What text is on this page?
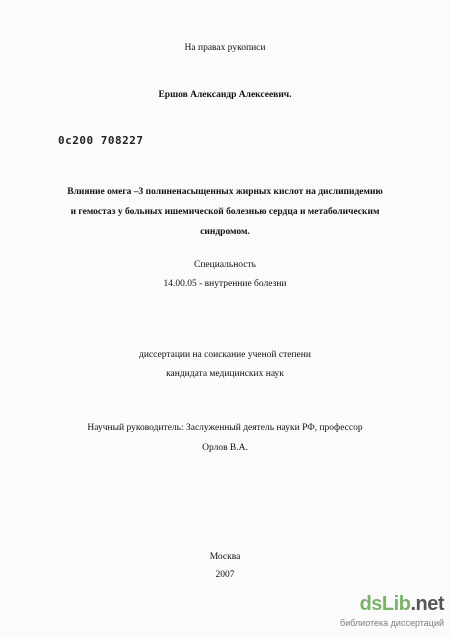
На правах рукописи
Ершов Александр Алексеевич.
0с200 708227
Влияние омега –3 полиненасыщенных жирных кислот на дислипидемию
и гемостаз у больных ишемической болезнью сердца и метаболическим
синдромом.
Специальность
14.00.05 - внутренние болезни
диссертации на соискание ученой степени
кандидата медицинских наук
Научный руководитель: Заслуженный деятель науки РФ, профессор
Орлов В.А.
Москва
2007
dsLib.net
библиотека диссертаций
